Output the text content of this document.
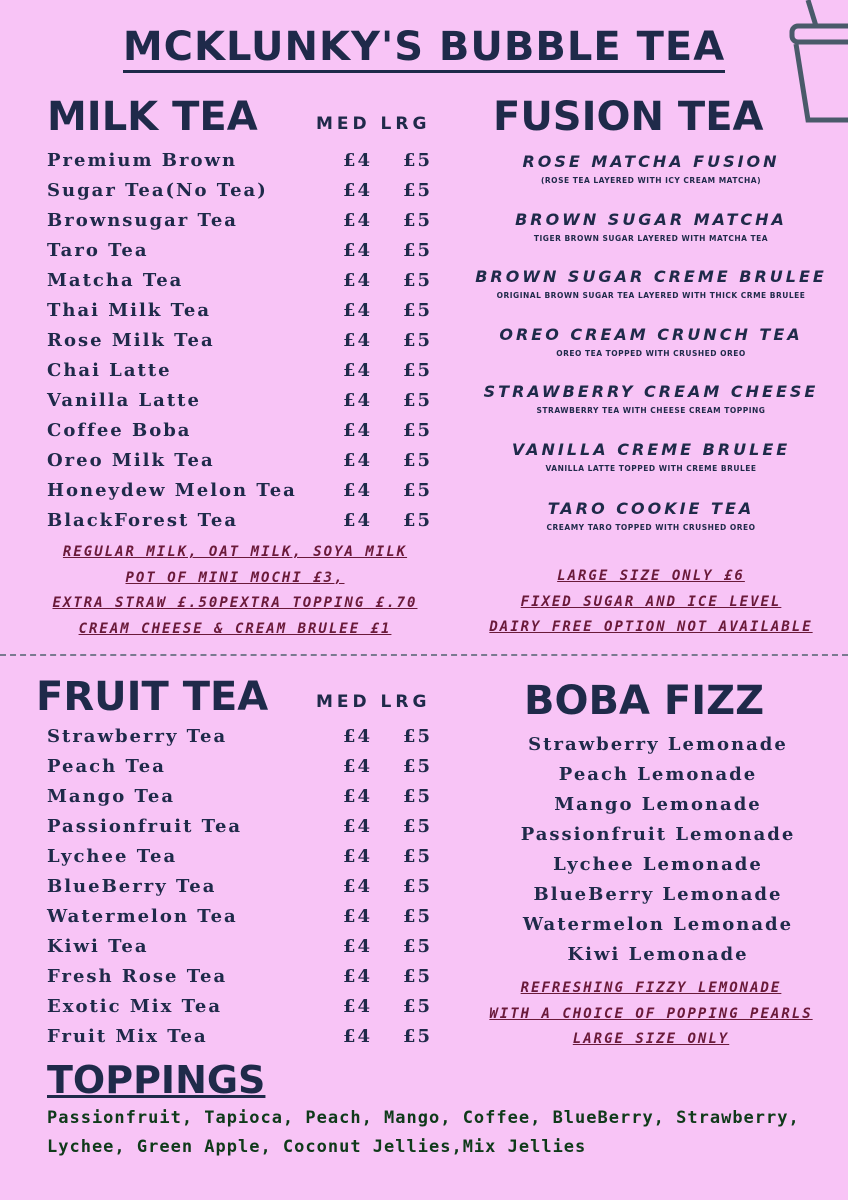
MCKLUNKY'S BUBBLE TEA
MILK TEA	MED LRG
Premium Brown	£4 £5
Sugar Tea(No Tea)	£4 £5
Brownsugar Tea	£4 £5
Taro Tea	£4 £5
Matcha Tea	£4 £5
Thai Milk Tea	£4 £5
Rose Milk Tea	£4 £5
Chai Latte	£4 £5
Vanilla Latte	£4 £5
Coffee Boba	£4 £5
Oreo Milk Tea	£4 £5
Honeydew Melon Tea	£4 £5
BlackForest Tea	£4 £5
REGULAR MILK, OAT MILK, SOYA MILK
POT OF MINI MOCHI £3,
EXTRA STRAW £.50PEXTRA TOPPING £.70
CREAM CHEESE & CREAM BRULEE £1
FUSION TEA
ROSE MATCHA FUSION
(ROSE TEA LAYERED WITH ICY CREAM MATCHA)
BROWN SUGAR MATCHA
TIGER BROWN SUGAR LAYERED WITH MATCHA TEA
BROWN SUGAR CREME BRULEE
ORIGINAL BROWN SUGAR TEA LAYERED WITH THICK CRME BRULEE
OREO CREAM CRUNCH TEA
OREO TEA TOPPED WITH CRUSHED OREO
STRAWBERRY CREAM CHEESE
STRAWBERRY TEA WITH CHEESE CREAM TOPPING
VANILLA CREME BRULEE
VANILLA LATTE TOPPED WITH CREME BRULEE
TARO COOKIE TEA
CREAMY TARO TOPPED WITH CRUSHED OREO
LARGE SIZE ONLY £6
FIXED SUGAR AND ICE LEVEL
DAIRY FREE OPTION NOT AVAILABLE
FRUIT TEA	MED LRG
Strawberry Tea	£4 £5
Peach Tea	£4 £5
Mango Tea	£4 £5
Passionfruit Tea	£4 £5
Lychee Tea	£4 £5
BlueBerry Tea	£4 £5
Watermelon Tea	£4 £5
Kiwi Tea	£4 £5
Fresh Rose Tea	£4 £5
Exotic Mix Tea	£4 £5
Fruit Mix Tea	£4 £5
BOBA FIZZ
Strawberry Lemonade
Peach Lemonade
Mango Lemonade
Passionfruit Lemonade
Lychee Lemonade
BlueBerry Lemonade
Watermelon Lemonade
Kiwi Lemonade
REFRESHING FIZZY LEMONADE
WITH A CHOICE OF POPPING PEARLS
LARGE SIZE ONLY
TOPPINGS
Passionfruit, Tapioca, Peach, Mango, Coffee, BlueBerry, Strawberry,
Lychee, Green Apple, Coconut Jellies,Mix Jellies
